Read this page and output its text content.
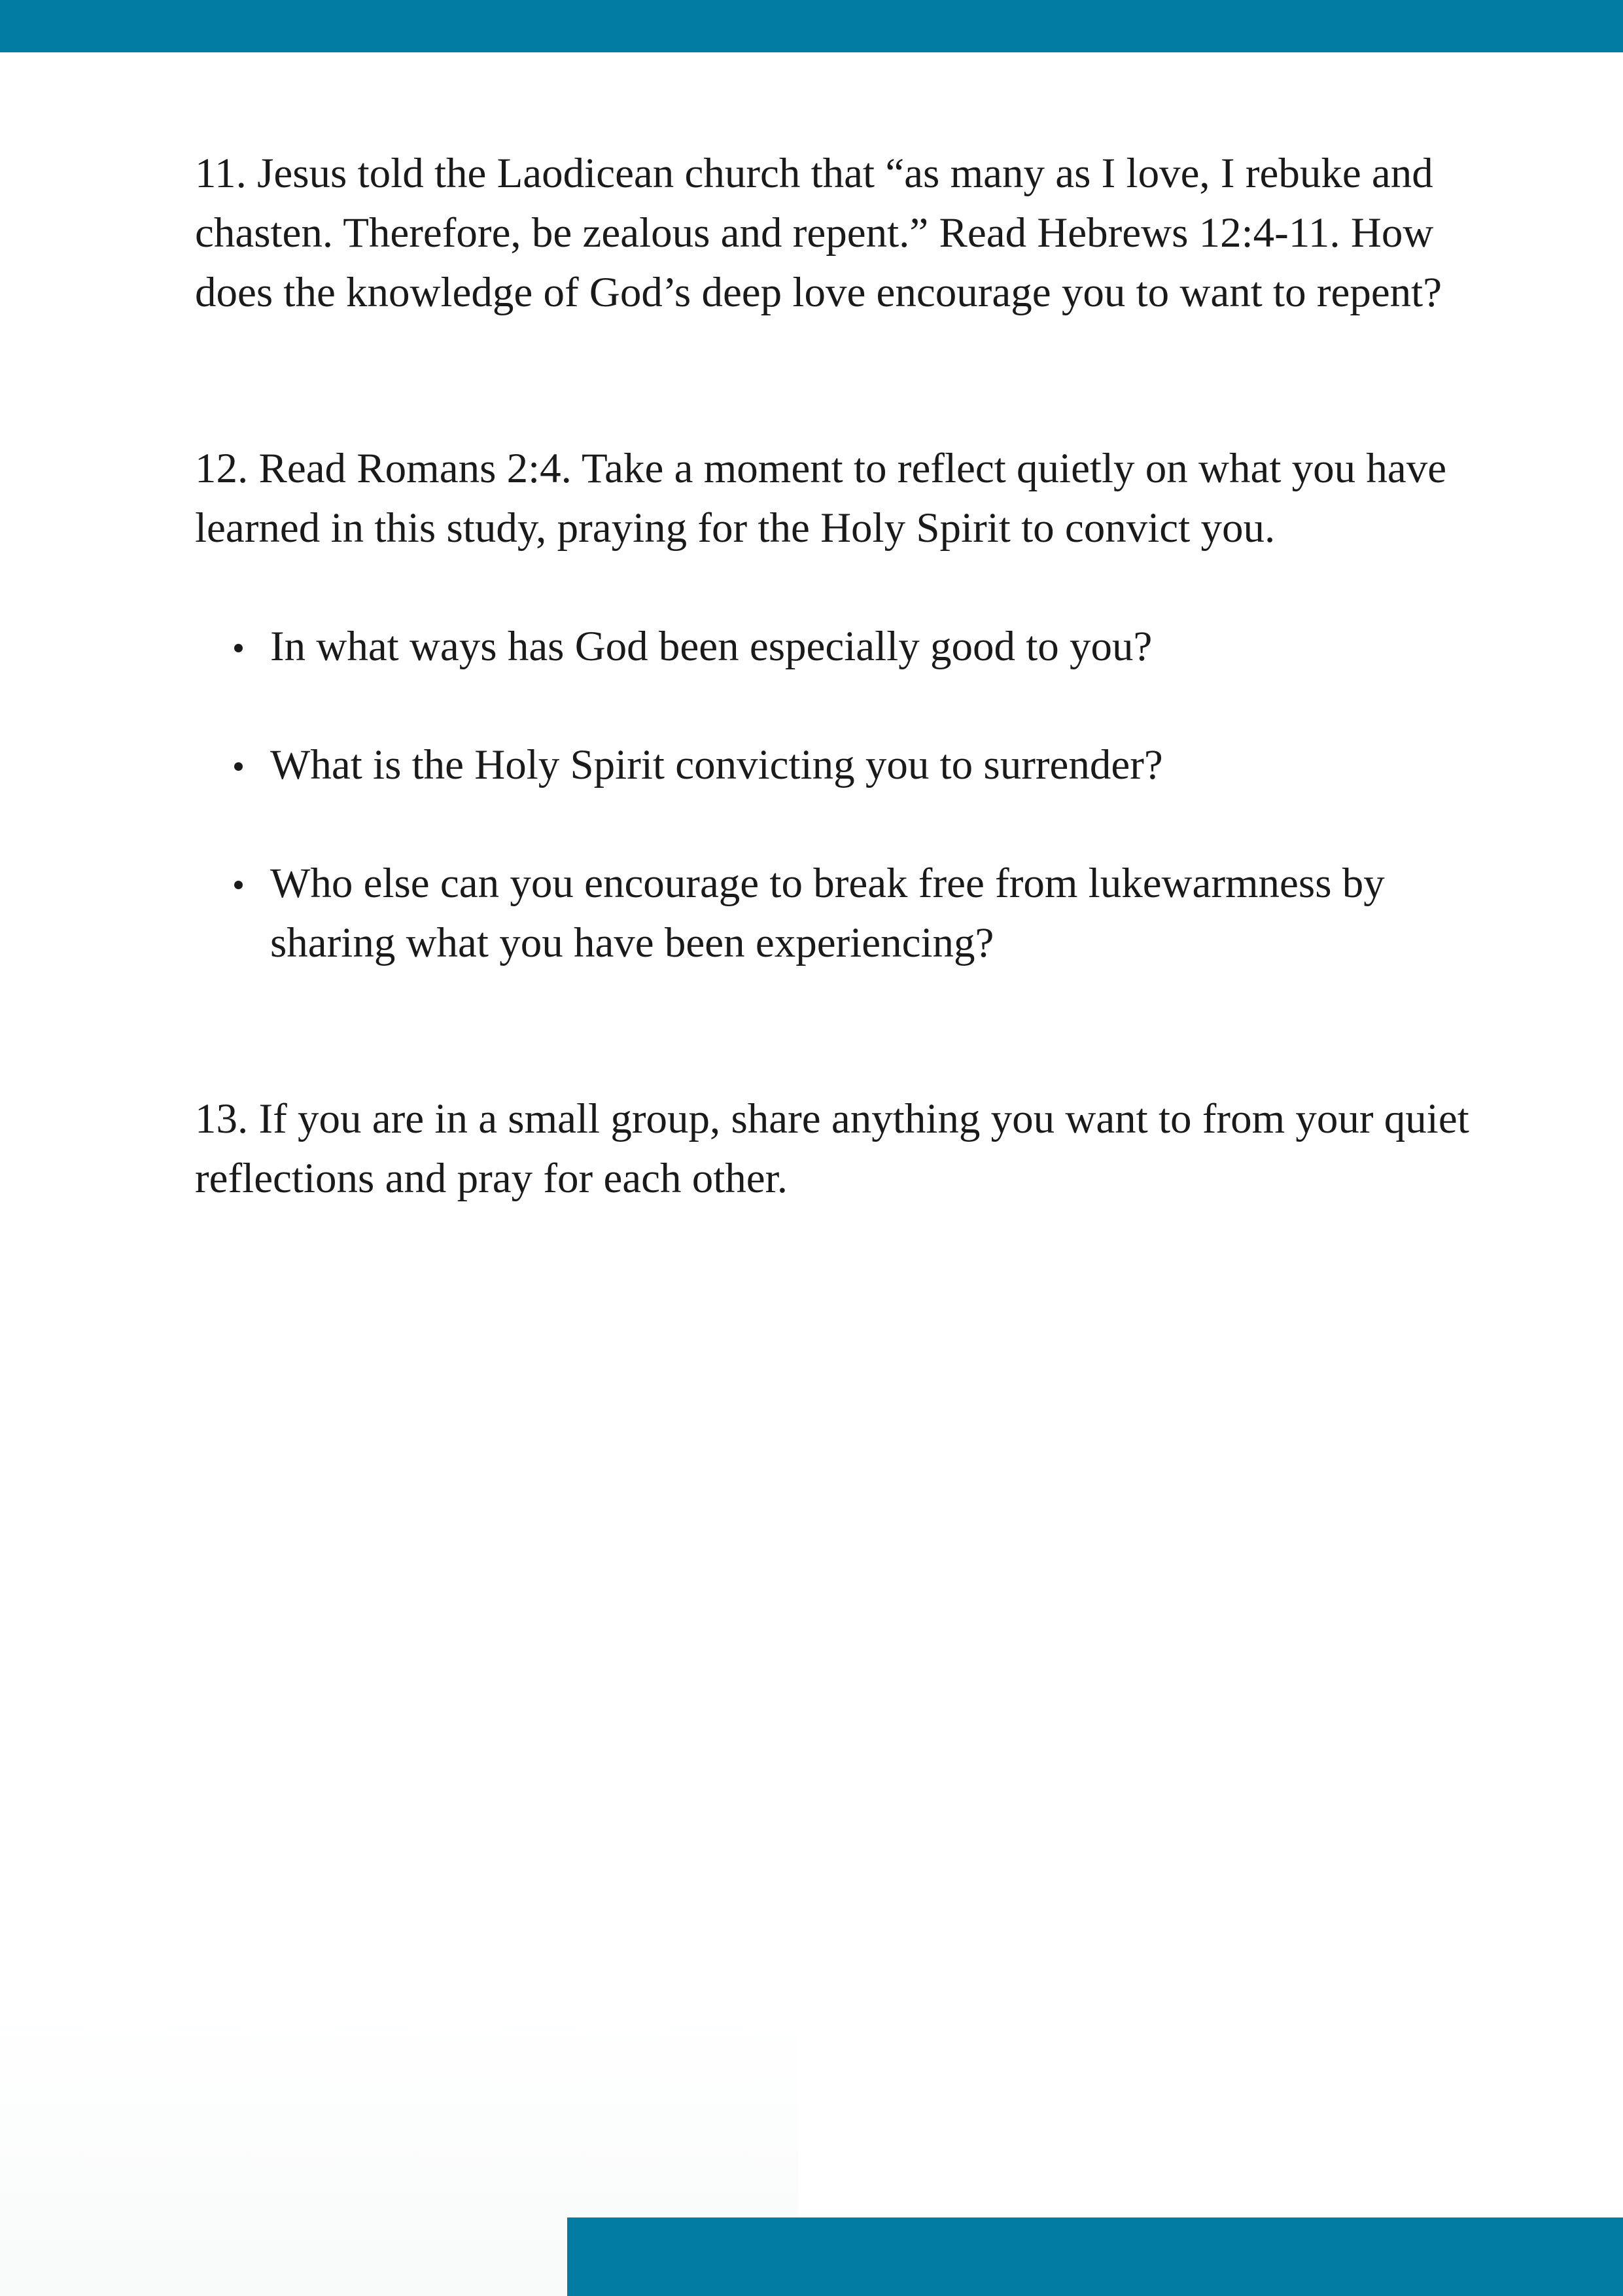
11. Jesus told the Laodicean church that “as many as I love, I rebuke and chasten. Therefore, be zealous and repent.” Read Hebrews 12:4-11. How does the knowledge of God’s deep love encourage you to want to repent?

12. Read Romans 2:4. Take a moment to reflect quietly on what you have learned in this study, praying for the Holy Spirit to convict you.

In what ways has God been especially good to you?
What is the Holy Spirit convicting you to surrender?
Who else can you encourage to break free from lukewarmness by sharing what you have been experiencing?

13. If you are in a small group, share anything you want to from your quiet reflections and pray for each other.
